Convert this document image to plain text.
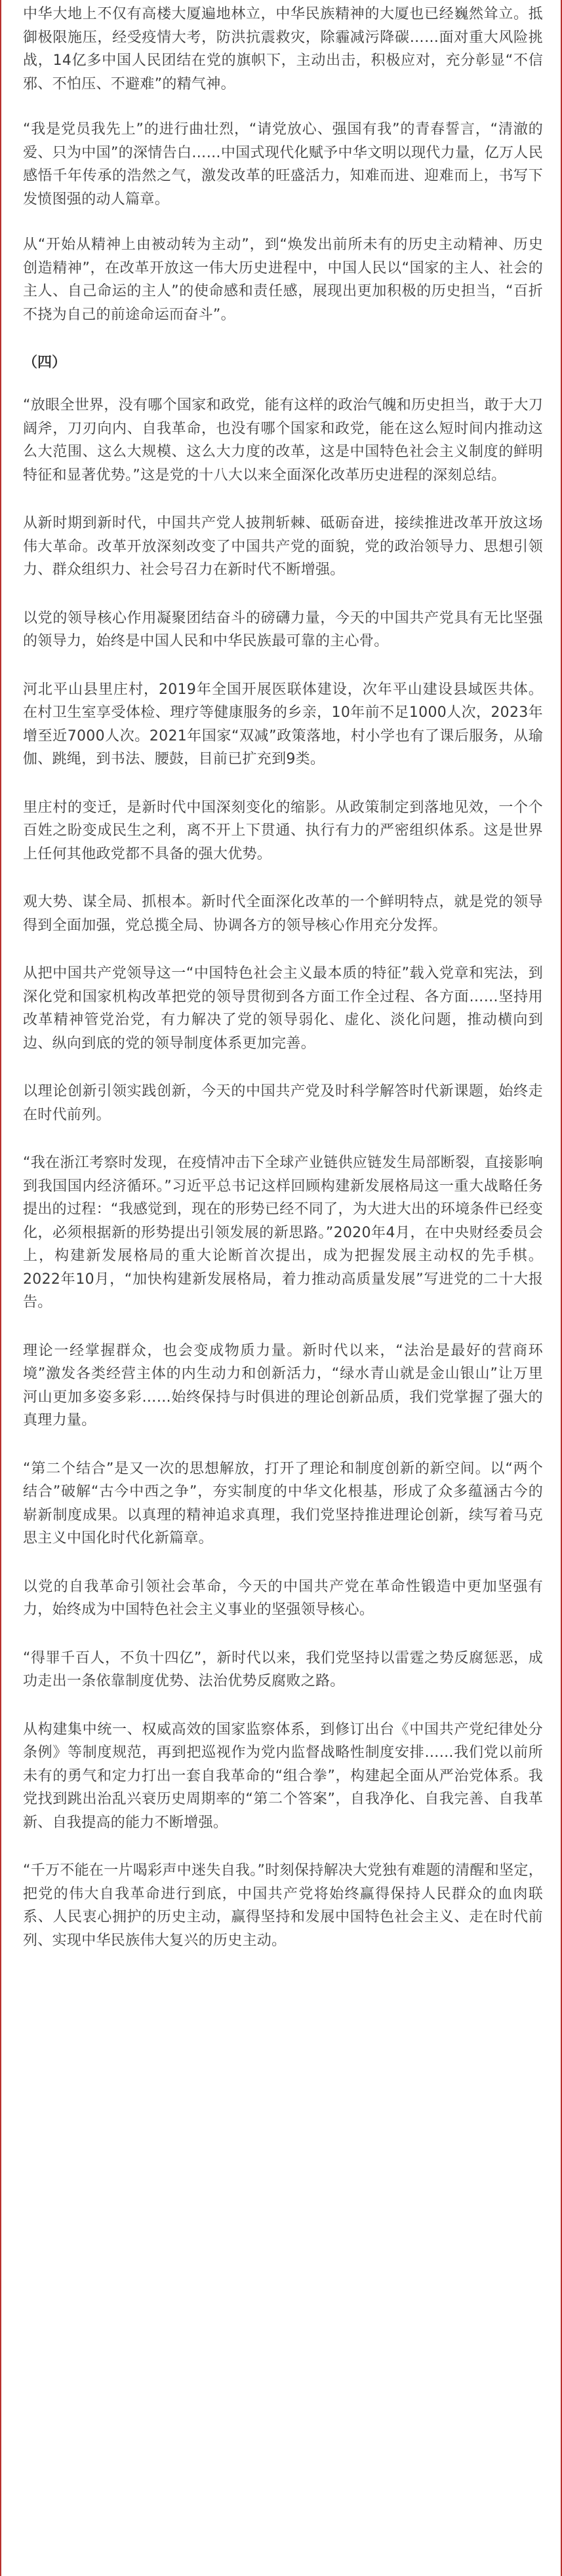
中华大地上不仅有高楼大厦遍地林立，中华民族精神的大厦也已经巍然耸立。抵御极限施压，经受疫情大考，防洪抗震救灾，除霾减污降碳……面对重大风险挑战，14亿多中国人民团结在党的旗帜下，主动出击，积极应对，充分彰显“不信邪、不怕压、不避难”的精气神。

“我是党员我先上”的进行曲壮烈，“请党放心、强国有我”的青春誓言，“清澈的爱、只为中国”的深情告白……中国式现代化赋予中华文明以现代力量，亿万人民感悟千年传承的浩然之气，激发改革的旺盛活力，知难而进、迎难而上，书写下发愤图强的动人篇章。

从“开始从精神上由被动转为主动”，到“焕发出前所未有的历史主动精神、历史创造精神”，在改革开放这一伟大历史进程中，中国人民以“国家的主人、社会的主人、自己命运的主人”的使命感和责任感，展现出更加积极的历史担当，“百折不挠为自己的前途命运而奋斗”。

（四）

“放眼全世界，没有哪个国家和政党，能有这样的政治气魄和历史担当，敢于大刀阔斧，刀刃向内、自我革命，也没有哪个国家和政党，能在这么短时间内推动这么大范围、这么大规模、这么大力度的改革，这是中国特色社会主义制度的鲜明特征和显著优势。”这是党的十八大以来全面深化改革历史进程的深刻总结。

从新时期到新时代，中国共产党人披荆斩棘、砥砺奋进，接续推进改革开放这场伟大革命。改革开放深刻改变了中国共产党的面貌，党的政治领导力、思想引领力、群众组织力、社会号召力在新时代不断增强。

以党的领导核心作用凝聚团结奋斗的磅礴力量，今天的中国共产党具有无比坚强的领导力，始终是中国人民和中华民族最可靠的主心骨。

河北平山县里庄村，2019年全国开展医联体建设，次年平山建设县域医共体。在村卫生室享受体检、理疗等健康服务的乡亲，10年前不足1000人次，2023年增至近7000人次。2021年国家“双减”政策落地，村小学也有了课后服务，从瑜伽、跳绳，到书法、腰鼓，目前已扩充到9类。

里庄村的变迁，是新时代中国深刻变化的缩影。从政策制定到落地见效，一个个百姓之盼变成民生之利，离不开上下贯通、执行有力的严密组织体系。这是世界上任何其他政党都不具备的强大优势。

观大势、谋全局、抓根本。新时代全面深化改革的一个鲜明特点，就是党的领导得到全面加强，党总揽全局、协调各方的领导核心作用充分发挥。

从把中国共产党领导这一“中国特色社会主义最本质的特征”载入党章和宪法，到深化党和国家机构改革把党的领导贯彻到各方面工作全过程、各方面……坚持用改革精神管党治党，有力解决了党的领导弱化、虚化、淡化问题，推动横向到边、纵向到底的党的领导制度体系更加完善。

以理论创新引领实践创新，今天的中国共产党及时科学解答时代新课题，始终走在时代前列。

“我在浙江考察时发现，在疫情冲击下全球产业链供应链发生局部断裂，直接影响到我国国内经济循环。”习近平总书记这样回顾构建新发展格局这一重大战略任务提出的过程：“我感觉到，现在的形势已经不同了，为大进大出的环境条件已经变化，必须根据新的形势提出引领发展的新思路。”2020年4月，在中央财经委员会上，构建新发展格局的重大论断首次提出，成为把握发展主动权的先手棋。2022年10月，“加快构建新发展格局，着力推动高质量发展”写进党的二十大报告。

理论一经掌握群众，也会变成物质力量。新时代以来，“法治是最好的营商环境”激发各类经营主体的内生动力和创新活力，“绿水青山就是金山银山”让万里河山更加多姿多彩……始终保持与时俱进的理论创新品质，我们党掌握了强大的真理力量。

“第二个结合”是又一次的思想解放，打开了理论和制度创新的新空间。以“两个结合”破解“古今中西之争”，夯实制度的中华文化根基，形成了众多蕴涵古今的崭新制度成果。以真理的精神追求真理，我们党坚持推进理论创新，续写着马克思主义中国化时代化新篇章。

以党的自我革命引领社会革命，今天的中国共产党在革命性锻造中更加坚强有力，始终成为中国特色社会主义事业的坚强领导核心。

“得罪千百人，不负十四亿”，新时代以来，我们党坚持以雷霆之势反腐惩恶，成功走出一条依靠制度优势、法治优势反腐败之路。

从构建集中统一、权威高效的国家监察体系，到修订出台《中国共产党纪律处分条例》等制度规范，再到把巡视作为党内监督战略性制度安排……我们党以前所未有的勇气和定力打出一套自我革命的“组合拳”，构建起全面从严治党体系。我党找到跳出治乱兴衰历史周期率的“第二个答案”，自我净化、自我完善、自我革新、自我提高的能力不断增强。

“千万不能在一片喝彩声中迷失自我。”时刻保持解决大党独有难题的清醒和坚定，把党的伟大自我革命进行到底，中国共产党将始终赢得保持人民群众的血肉联系、人民衷心拥护的历史主动，赢得坚持和发展中国特色社会主义、走在时代前列、实现中华民族伟大复兴的历史主动。
